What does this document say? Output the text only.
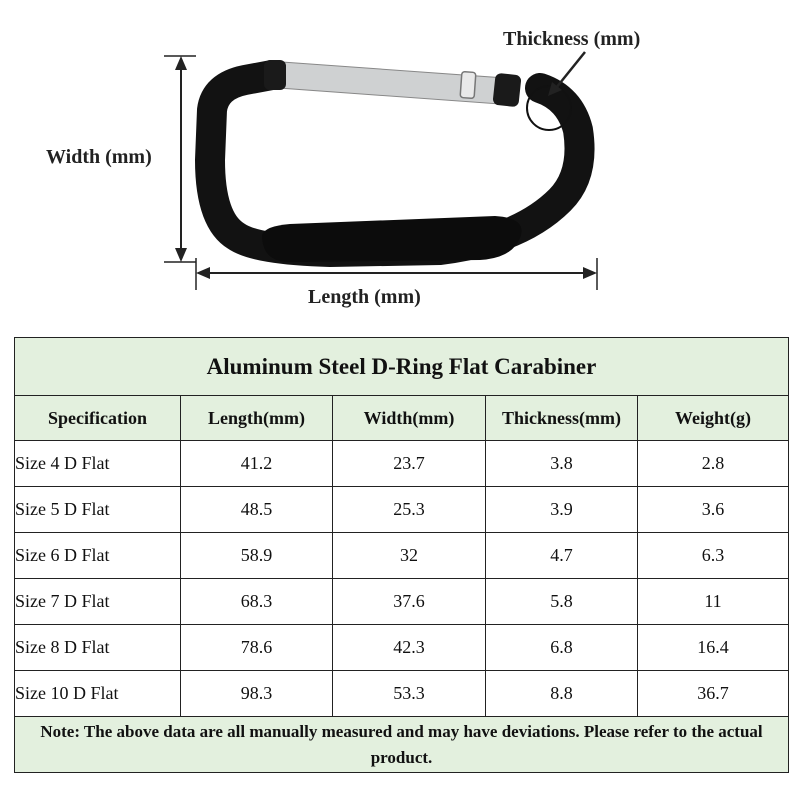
Width (mm)
Length (mm)
Thickness (mm)
Aluminum Steel D-Ring Flat Carabiner				
Specification	Length(mm)	Width(mm)	Thickness(mm)	Weight(g)
Size 4 D Flat	41.2	23.7	3.8	2.8
Size 5 D Flat	48.5	25.3	3.9	3.6
Size 6 D Flat	58.9	32	4.7	6.3
Size 7 D Flat	68.3	37.6	5.8	11
Size 8 D Flat	78.6	42.3	6.8	16.4
Size 10 D Flat	98.3	53.3	8.8	36.7
Note: The above data are all manually measured and may have deviations. Please refer to the actual product.				
